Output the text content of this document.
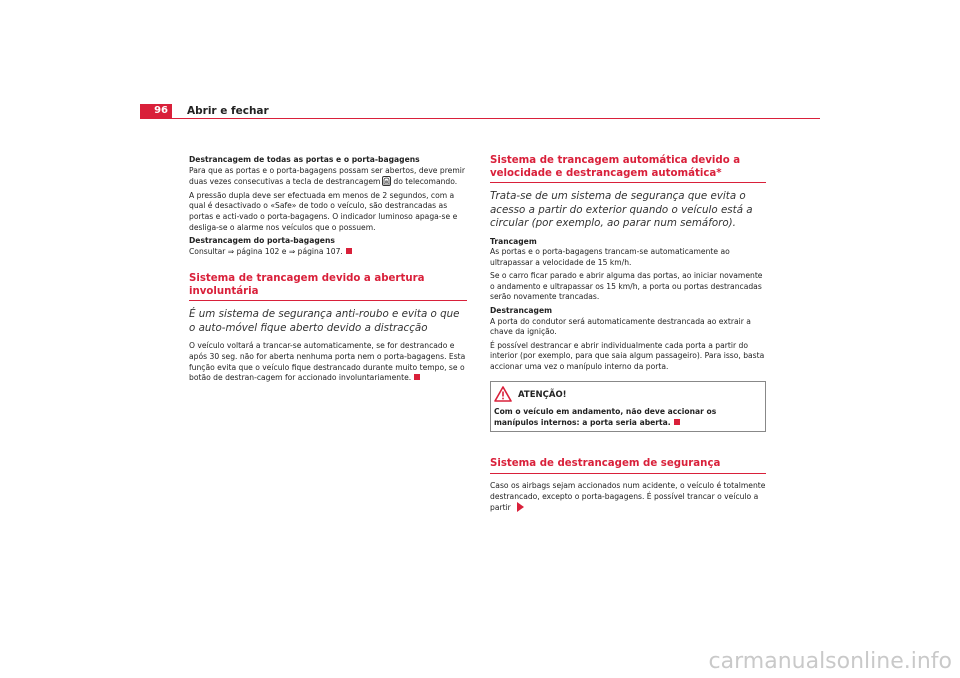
96	Abrir e fechar

Destrancagem de todas as portas e o porta-bagagens

Para que as portas e o porta-bagagens possam ser abertos, deve premir duas vezes consecutivas a tecla de destrancagem do telecomando.

A pressão dupla deve ser efectuada em menos de 2 segundos, com a qual é desactivado o «Safe» de todo o veículo, são destrancadas as portas e acti-vado o porta-bagagens. O indicador luminoso apaga-se e desliga-se o alarme nos veículos que o possuem.

Destrancagem do porta-bagagens

Consultar ⇒ página 102 e ⇒ página 107.

Sistema de trancagem devido a abertura involuntária

É um sistema de segurança anti-roubo e evita o que o auto-móvel fique aberto devido a distracção

O veículo voltará a trancar-se automaticamente, se for destrancado e após 30 seg. não for aberta nenhuma porta nem o porta-bagagens. Esta função evita que o veículo fique destrancado durante muito tempo, se o botão de destran-cagem for accionado involuntariamente.

Sistema de trancagem automática devido a velocidade e destrancagem automática*

Trata-se de um sistema de segurança que evita o acesso a partir do exterior quando o veículo está a circular (por exemplo, ao parar num semáforo).

Trancagem

As portas e o porta-bagagens trancam-se automaticamente ao ultrapassar a velocidade de 15 km/h.

Se o carro ficar parado e abrir alguma das portas, ao iniciar novamente o andamento e ultrapassar os 15 km/h, a porta ou portas destrancadas serão novamente trancadas.

Destrancagem

A porta do condutor será automaticamente destrancada ao extrair a chave da ignição.

É possível destrancar e abrir individualmente cada porta a partir do interior (por exemplo, para que saia algum passageiro). Para isso, basta accionar uma vez o manípulo interno da porta.

ATENÇÃO!
Com o veículo em andamento, não deve accionar os manípulos internos: a porta seria aberta.

Sistema de destrancagem de segurança

Caso os airbags sejam accionados num acidente, o veículo é totalmente destrancado, excepto o porta-bagagens. É possível trancar o veículo a partir

carmanualsonline.info
